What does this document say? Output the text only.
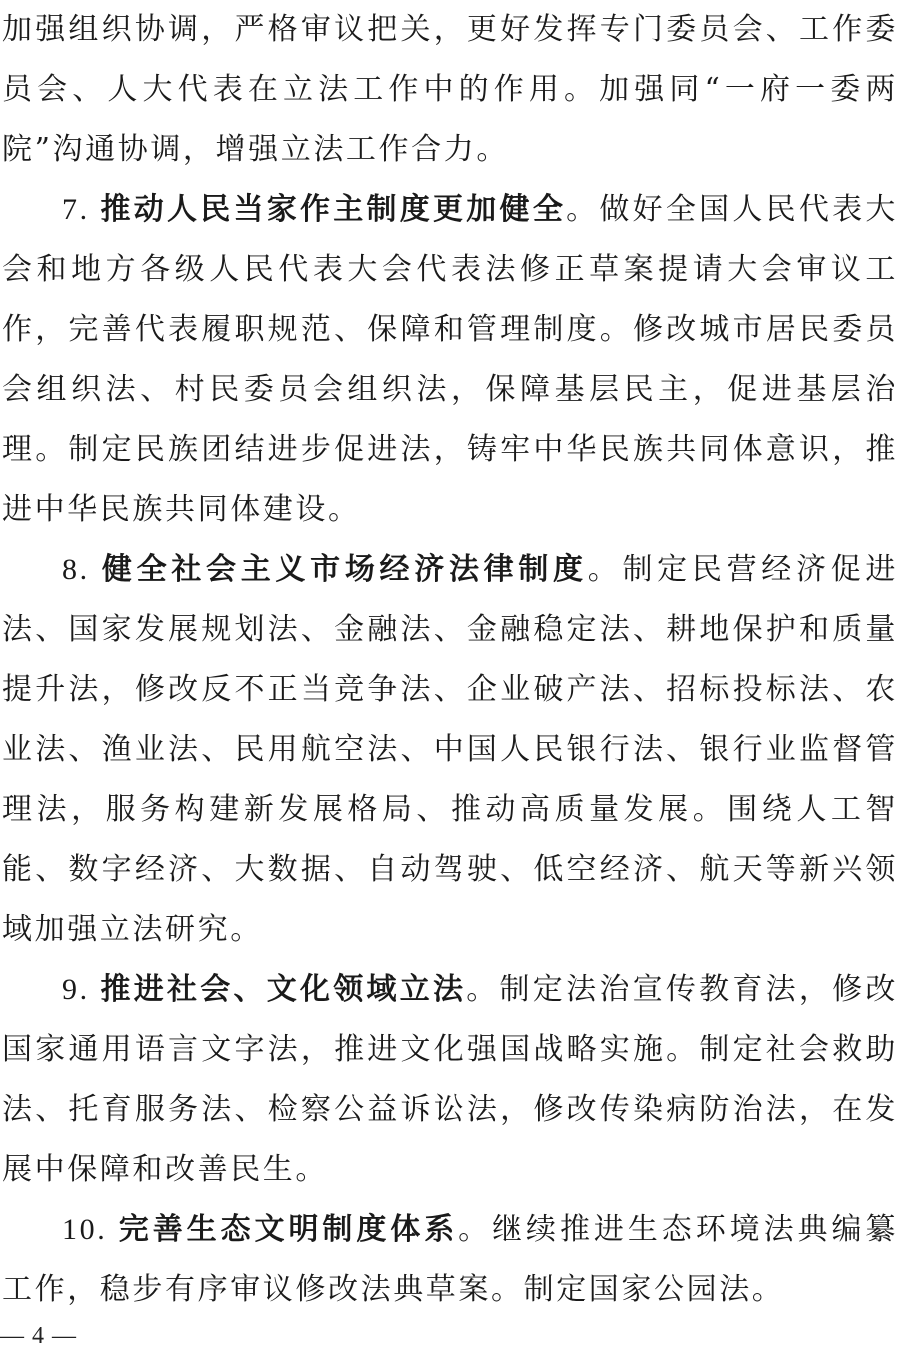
加强组织协调，严格审议把关，更好发挥专门委员会、工作委员会、人大代表在立法工作中的作用。加强同“一府一委两院”沟通协调，增强立法工作合力。

7. 推动人民当家作主制度更加健全。做好全国人民代表大会和地方各级人民代表大会代表法修正草案提请大会审议工作，完善代表履职规范、保障和管理制度。修改城市居民委员会组织法、村民委员会组织法，保障基层民主，促进基层治理。制定民族团结进步促进法，铸牢中华民族共同体意识，推进中华民族共同体建设。

8. 健全社会主义市场经济法律制度。制定民营经济促进法、国家发展规划法、金融法、金融稳定法、耕地保护和质量提升法，修改反不正当竞争法、企业破产法、招标投标法、农业法、渔业法、民用航空法、中国人民银行法、银行业监督管理法，服务构建新发展格局、推动高质量发展。围绕人工智能、数字经济、大数据、自动驾驶、低空经济、航天等新兴领域加强立法研究。

9. 推进社会、文化领域立法。制定法治宣传教育法，修改国家通用语言文字法，推进文化强国战略实施。制定社会救助法、托育服务法、检察公益诉讼法，修改传染病防治法，在发展中保障和改善民生。

10. 完善生态文明制度体系。继续推进生态环境法典编纂工作，稳步有序审议修改法典草案。制定国家公园法。

— 4 —
